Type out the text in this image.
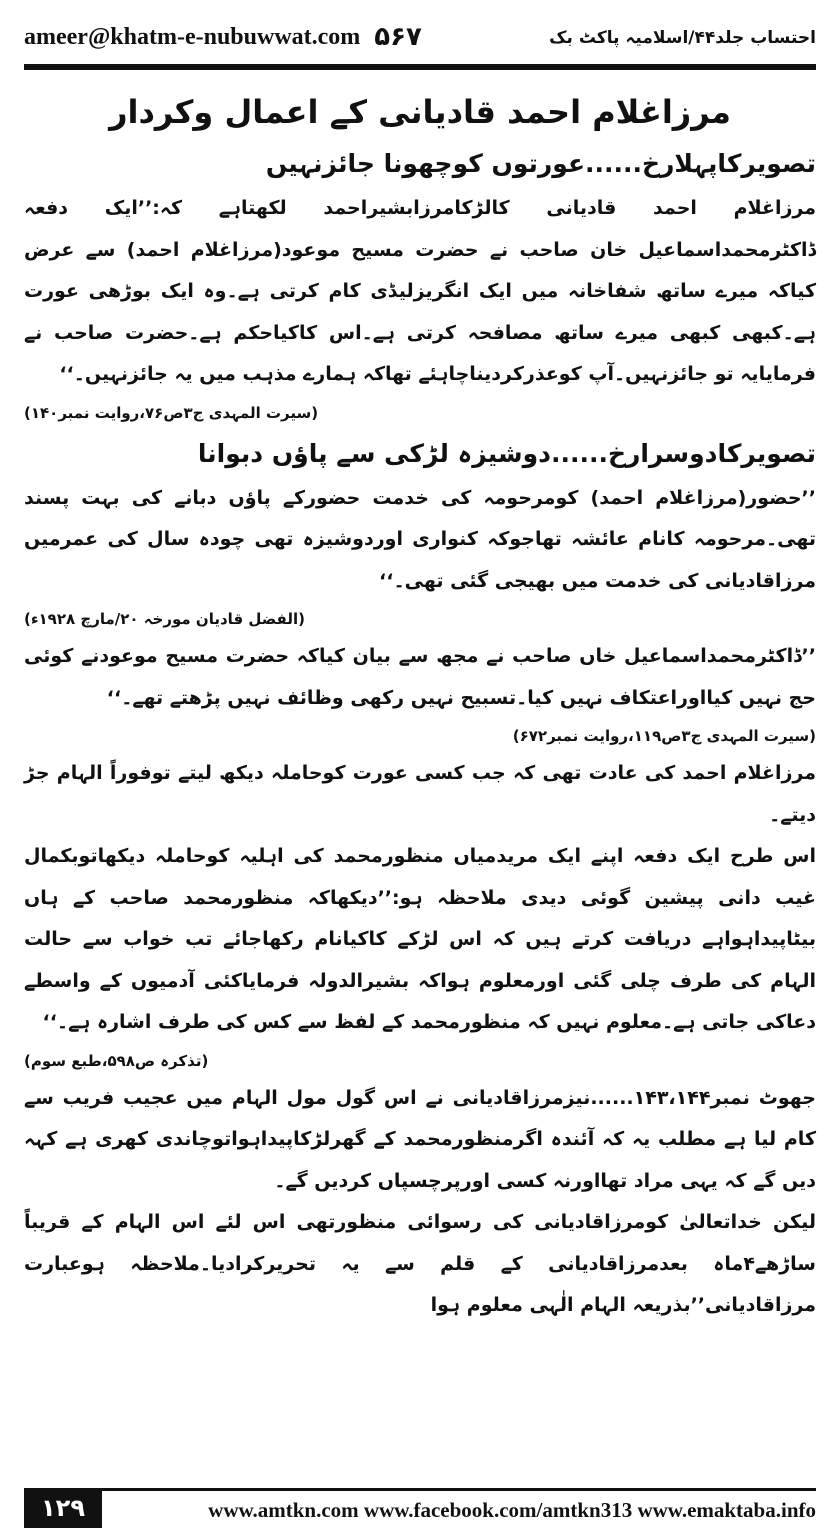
ameer@khatm-e-nubuwwat.com ۵۶۷	احتساب جلد۴۴/اسلامیہ پاکٹ بک

مرزاغلام احمد قادیانی کے اعمال وکردار

تصویرکاپہلارخ......عورتوں کوچھونا جائزنہیں

مرزاغلام احمد قادیانی کالڑکامرزابشیراحمد لکھتاہے کہ:’’ایک دفعہ ڈاکٹرمحمداسماعیل خان صاحب نے حضرت مسیح موعود(مرزاغلام احمد) سے عرض کیاکہ میرے ساتھ شفاخانہ میں ایک انگریزلیڈی کام کرتی ہے۔وہ ایک بوڑھی عورت ہے۔کبھی کبھی میرے ساتھ مصافحہ کرتی ہے۔اس کاکیاحکم ہے۔حضرت صاحب نے فرمایایہ تو جائزنہیں۔آپ کوعذرکردیناچاہئے تھاکہ ہمارے مذہب میں یہ جائزنہیں۔‘‘

(سیرت المہدی ج۳ص۷۶،روایت نمبر۱۴۰)

تصویرکادوسرارخ......دوشیزہ لڑکی سے پاؤں دبوانا

’’حضور(مرزاغلام احمد) کومرحومہ کی خدمت حضورکے پاؤں دبانے کی بہت پسند تھی۔مرحومہ کانام عائشہ تھاجوکہ کنواری اوردوشیزہ تھی چودہ سال کی عمرمیں مرزاقادیانی کی خدمت میں بھیجی گئی تھی۔‘‘

(الفضل قادیان مورخہ ۲۰/مارچ ۱۹۲۸ء)

’’ڈاکٹرمحمداسماعیل خاں صاحب نے مجھ سے بیان کیاکہ حضرت مسیح موعودنے کوئی حج نہیں کیااوراعتکاف نہیں کیا۔تسبیح نہیں رکھی وظائف نہیں پڑھتے تھے۔‘‘

(سیرت المہدی ج۳ص۱۱۹،روایت نمبر۶۷۲)

مرزاغلام احمد کی عادت تھی کہ جب کسی عورت کوحاملہ دیکھ لیتے توفوراً الہام جڑ دیتے۔

اس طرح ایک دفعہ اپنے ایک مریدمیاں منظورمحمد کی اہلیہ کوحاملہ دیکھاتوبکمال غیب دانی پیشین گوئی دیدی ملاحظہ ہو:’’دیکھاکہ منظورمحمد صاحب کے ہاں بیٹاپیداہواہے دریافت کرتے ہیں کہ اس لڑکے کاکیانام رکھاجائے تب خواب سے حالت الہام کی طرف چلی گئی اورمعلوم ہواکہ بشیرالدولہ فرمایاکئی آدمیوں کے واسطے دعاکی جاتی ہے۔معلوم نہیں کہ منظورمحمد کے لفظ سے کس کی طرف اشارہ ہے۔‘‘

(تذکرہ ص۵۹۸،طبع سوم)

جھوٹ نمبر۱۴۳،۱۴۴......نیزمرزاقادیانی نے اس گول مول الہام میں عجیب فریب سے کام لیا ہے مطلب یہ کہ آئندہ اگرمنظورمحمد کے گھرلڑکاپیداہواتوچاندی کھری ہے کہہ دیں گے کہ یہی مراد تھااورنہ کسی اورپرچسپاں کردیں گے۔

لیکن خداتعالیٰ کومرزاقادیانی کی رسوائی منظورتھی اس لئے اس الہام کے قریباً ساڑھے۴ماہ بعدمرزاقادیانی کے قلم سے یہ تحریرکرادیا۔ملاحظہ ہوعبارت مرزاقادیانی’’بذریعہ الہام الٰہی معلوم ہوا

۱۲۹	www.amtkn.com www.facebook.com/amtkn313 www.emaktaba.info
